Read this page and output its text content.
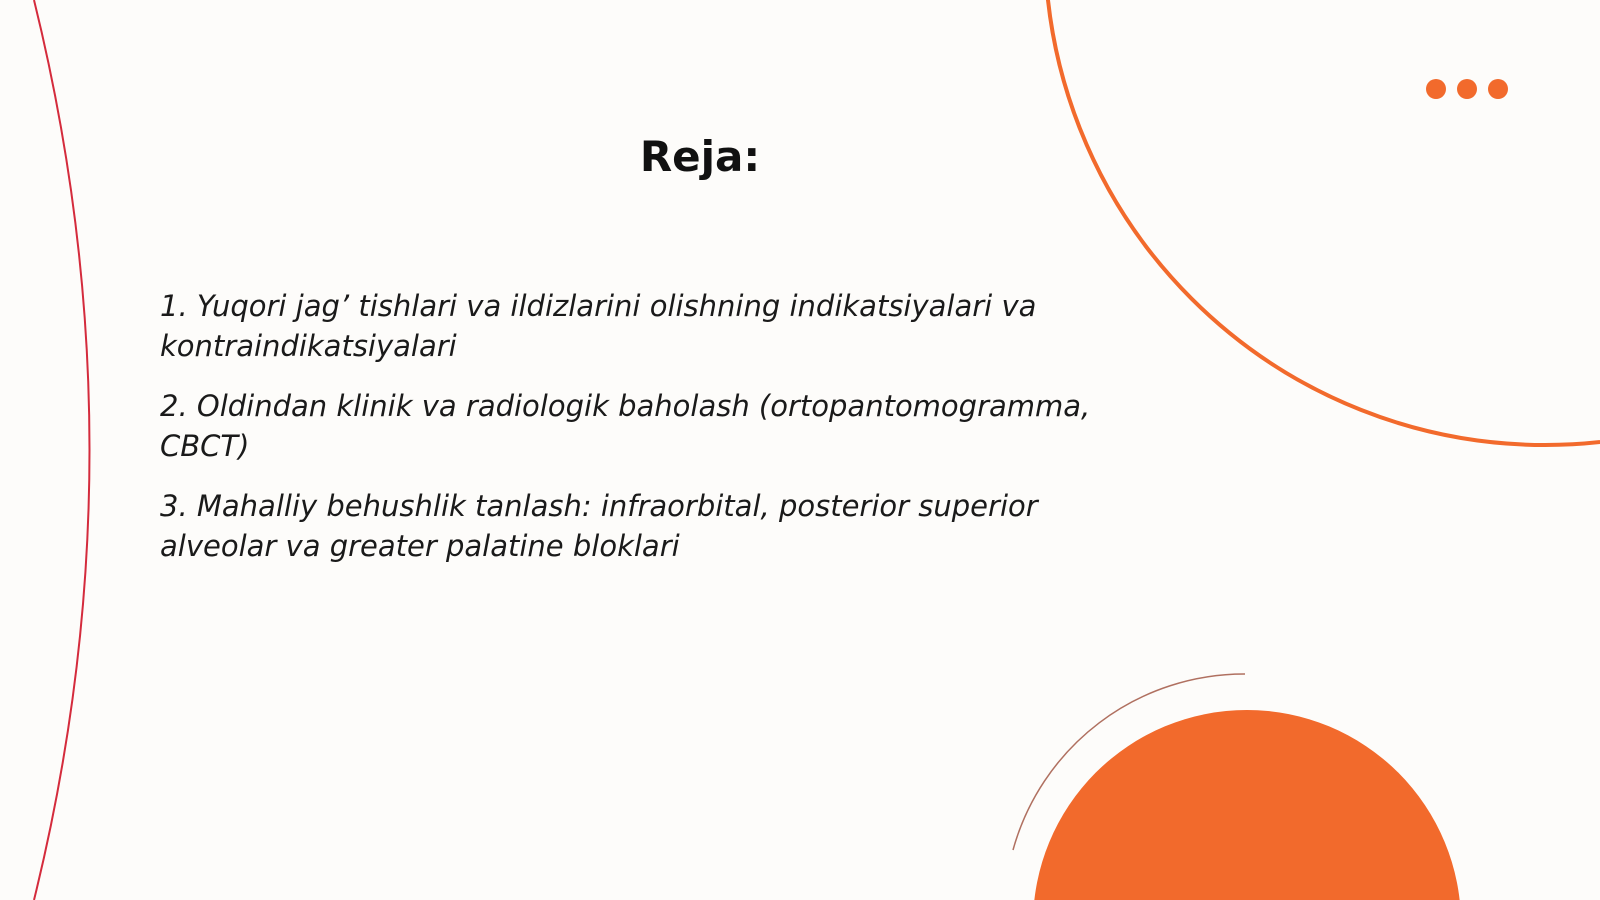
Reja:
1. Yuqori jag’ tishlari va ildizlarini olishning indikatsiyalari va kontraindikatsiyalari
2. Oldindan klinik va radiologik baholash (ortopantomogramma, CBCT)
3. Mahalliy behushlik tanlash: infraorbital, posterior superior alveolar va greater palatine bloklari
